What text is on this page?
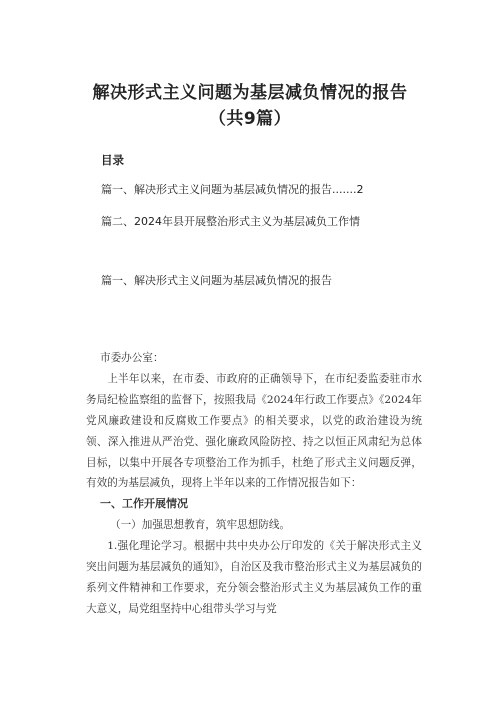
解决形式主义问题为基层减负情况的报告
（共9篇）
目录
篇一、解决形式主义问题为基层减负情况的报告.......2
篇二、2024年县开展整治形式主义为基层减负工作情
篇一、解决形式主义问题为基层减负情况的报告

市委办公室：

上半年以来，在市委、市政府的正确领导下，在市纪委监委驻市水务局纪检监察组的监督下，按照我局《2024年行政工作要点》《2024年党风廉政建设和反腐败工作要点》的相关要求，以党的政治建设为统领、深入推进从严治党、强化廉政风险防控、持之以恒正风肃纪为总体目标，以集中开展各专项整治工作为抓手，杜绝了形式主义问题反弹，有效的为基层减负，现将上半年以来的工作情况报告如下：

一、工作开展情况

（一）加强思想教育，筑牢思想防线。

1.强化理论学习。根据中共中央办公厅印发的《关于解决形式主义突出问题为基层减负的通知》，自治区及我市整治形式主义为基层减负的系列文件精神和工作要求，充分领会整治形式主义为基层减负工作的重大意义，局党组坚持中心组带头学习与党
